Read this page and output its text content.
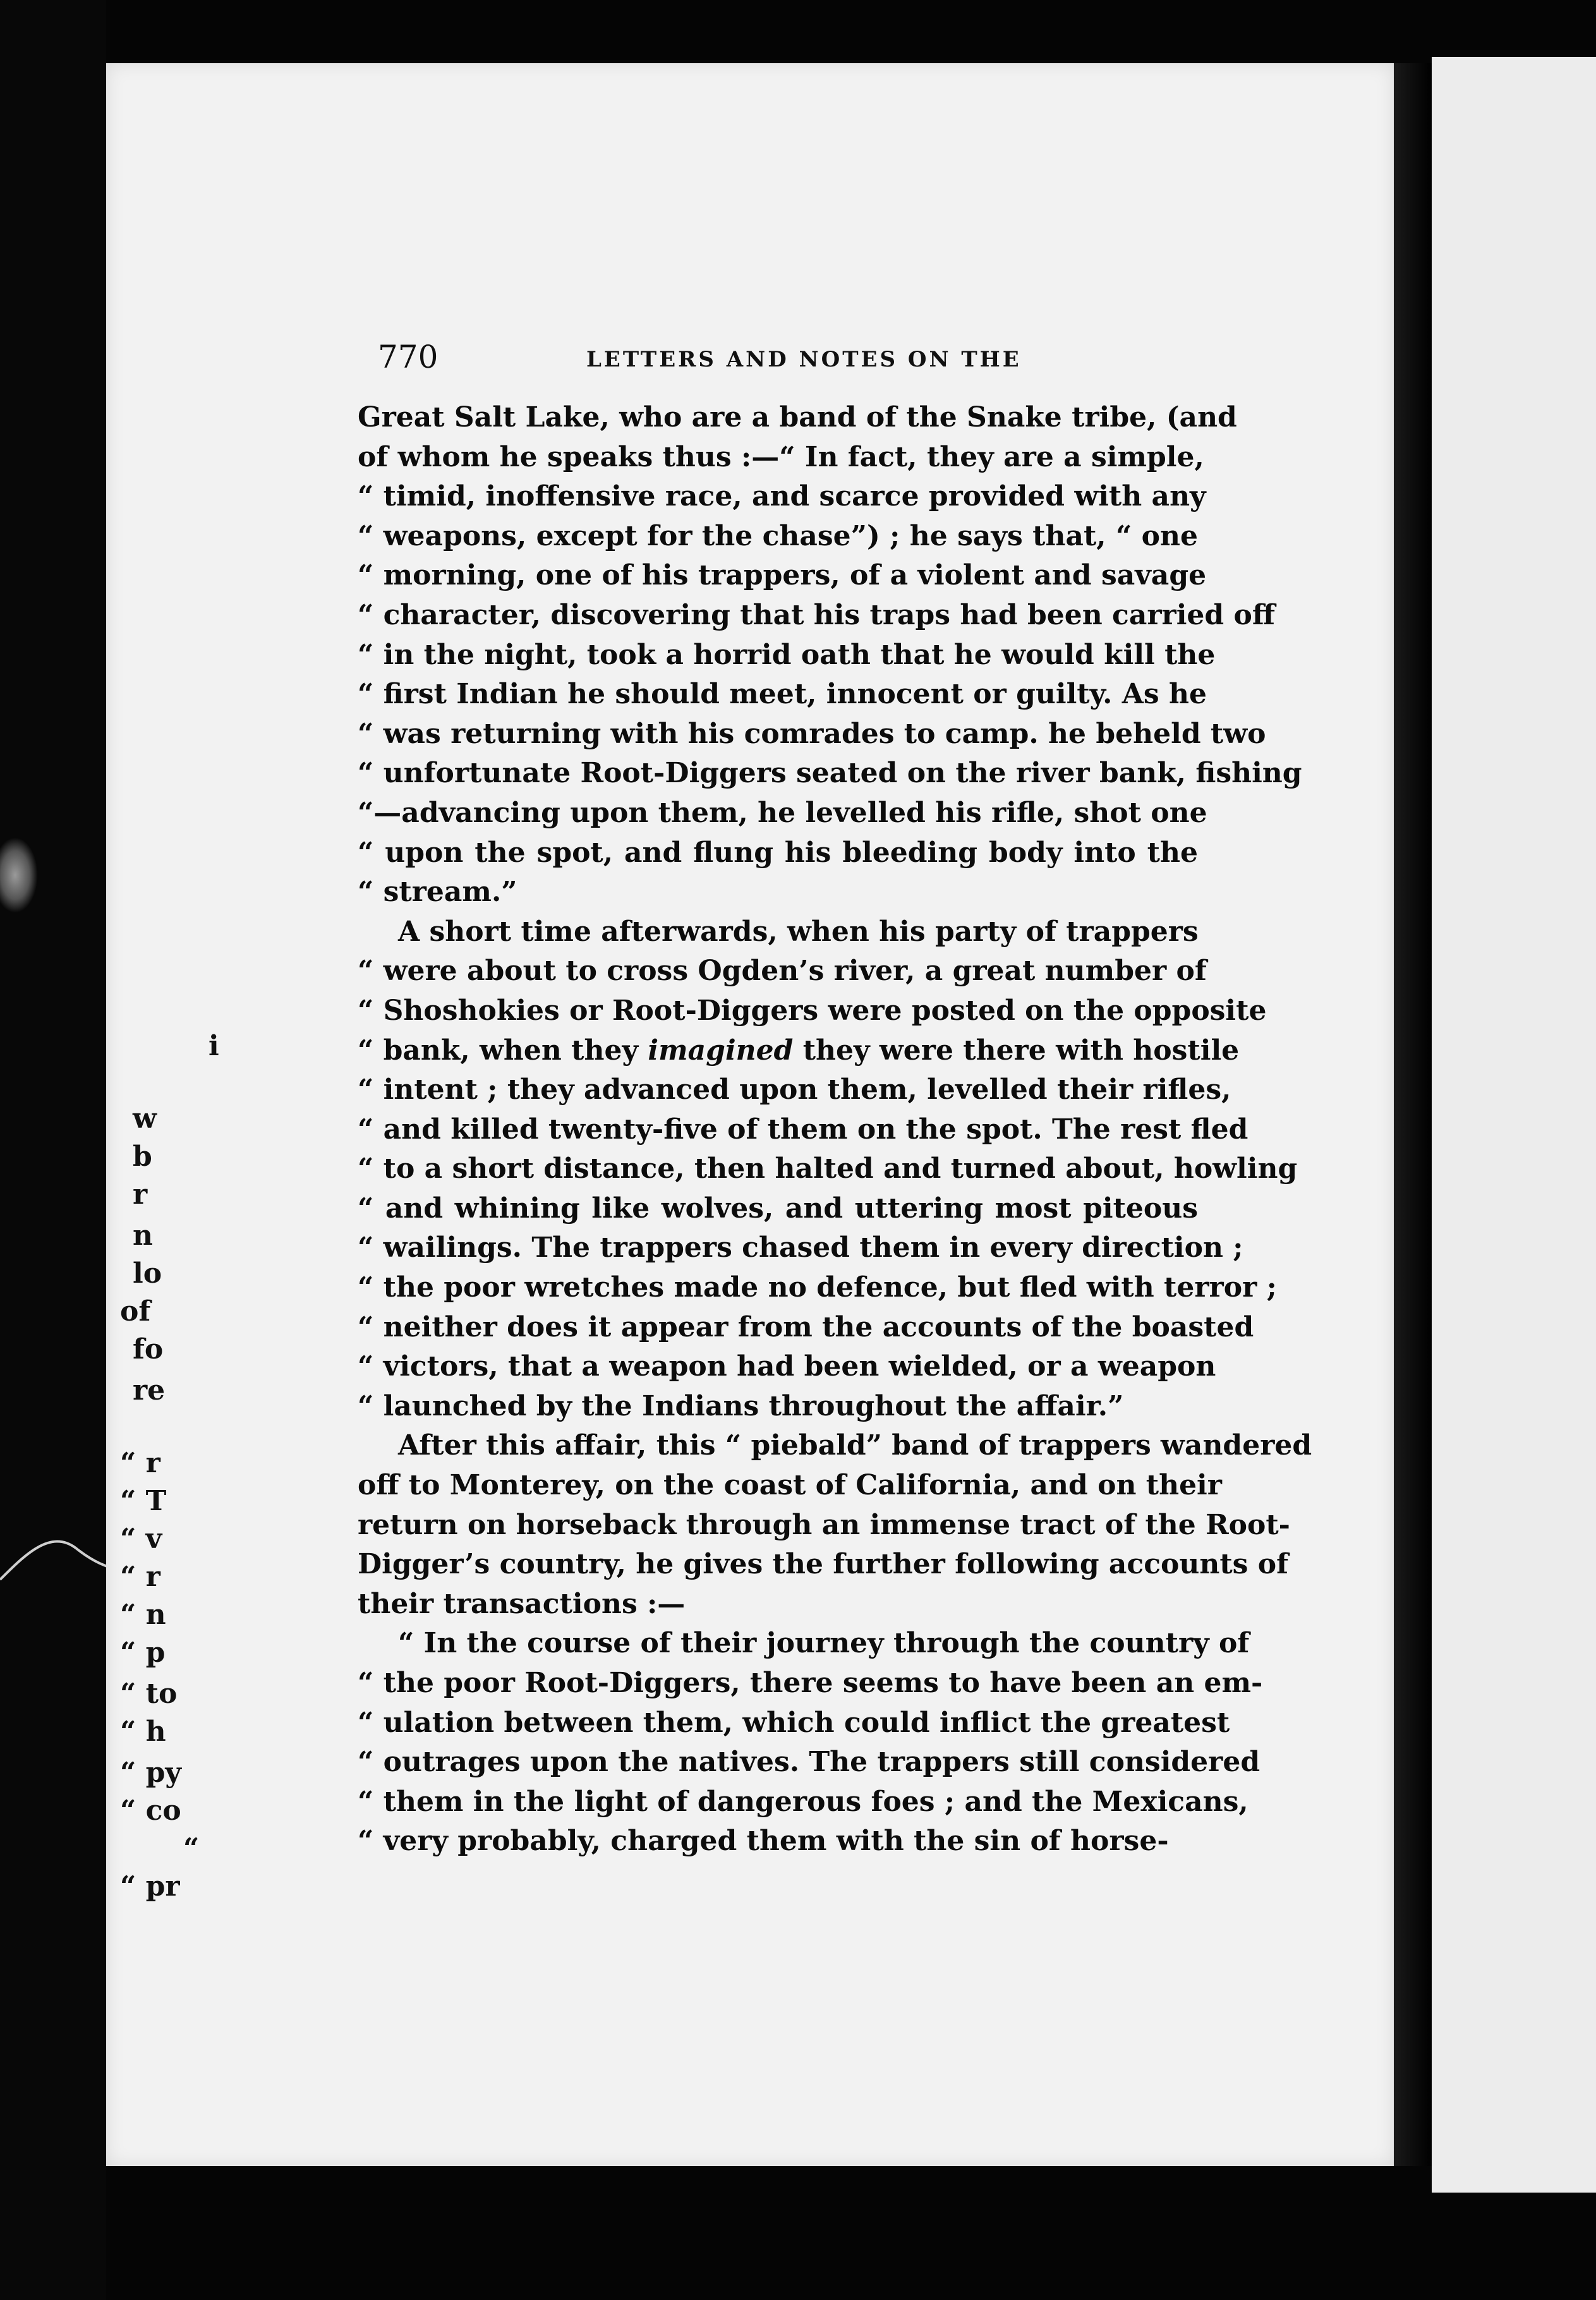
770	LETTERS AND NOTES ON THE
Great Salt Lake, who are a band of the Snake tribe, (and
of whom he speaks thus :—“ In fact, they are a simple,
“ timid, inoffensive race, and scarce provided with any
“ weapons, except for the chase”) ; he says that, “ one
“ morning, one of his trappers, of a violent and savage
“ character, discovering that his traps had been carried off
“ in the night, took a horrid oath that he would kill the
“ first Indian he should meet, innocent or guilty. As he
“ was returning with his comrades to camp. he beheld two
“ unfortunate Root-Diggers seated on the river bank, fishing
“—advancing upon them, he levelled his rifle, shot one
“ upon the spot, and flung his bleeding body into the
“ stream.”
A short time afterwards, when his party of trappers
“ were about to cross Ogden’s river, a great number of
“ Shoshokies or Root-Diggers were posted on the opposite
“ bank, when they imagined they were there with hostile
“ intent ; they advanced upon them, levelled their rifles,
“ and killed twenty-five of them on the spot. The rest fled
“ to a short distance, then halted and turned about, howling
“ and whining like wolves, and uttering most piteous
“ wailings. The trappers chased them in every direction ;
“ the poor wretches made no defence, but fled with terror ;
“ neither does it appear from the accounts of the boasted
“ victors, that a weapon had been wielded, or a weapon
“ launched by the Indians throughout the affair.”
After this affair, this “ piebald” band of trappers wandered
off to Monterey, on the coast of California, and on their
return on horseback through an immense tract of the Root-
Digger’s country, he gives the further following accounts of
their transactions :—
“ In the course of their journey through the country of
“ the poor Root-Diggers, there seems to have been an em-
“ ulation between them, which could inflict the greatest
“ outrages upon the natives. The trappers still considered
“ them in the light of dangerous foes ; and the Mexicans,
“ very probably, charged them with the sin of horse-
i
w
b
r
n
lo
of
fo
re
“ r
“ T
“ v
“ r
“ n
“ p
“ to
“ h
“ py
“ co
“
“ pr
